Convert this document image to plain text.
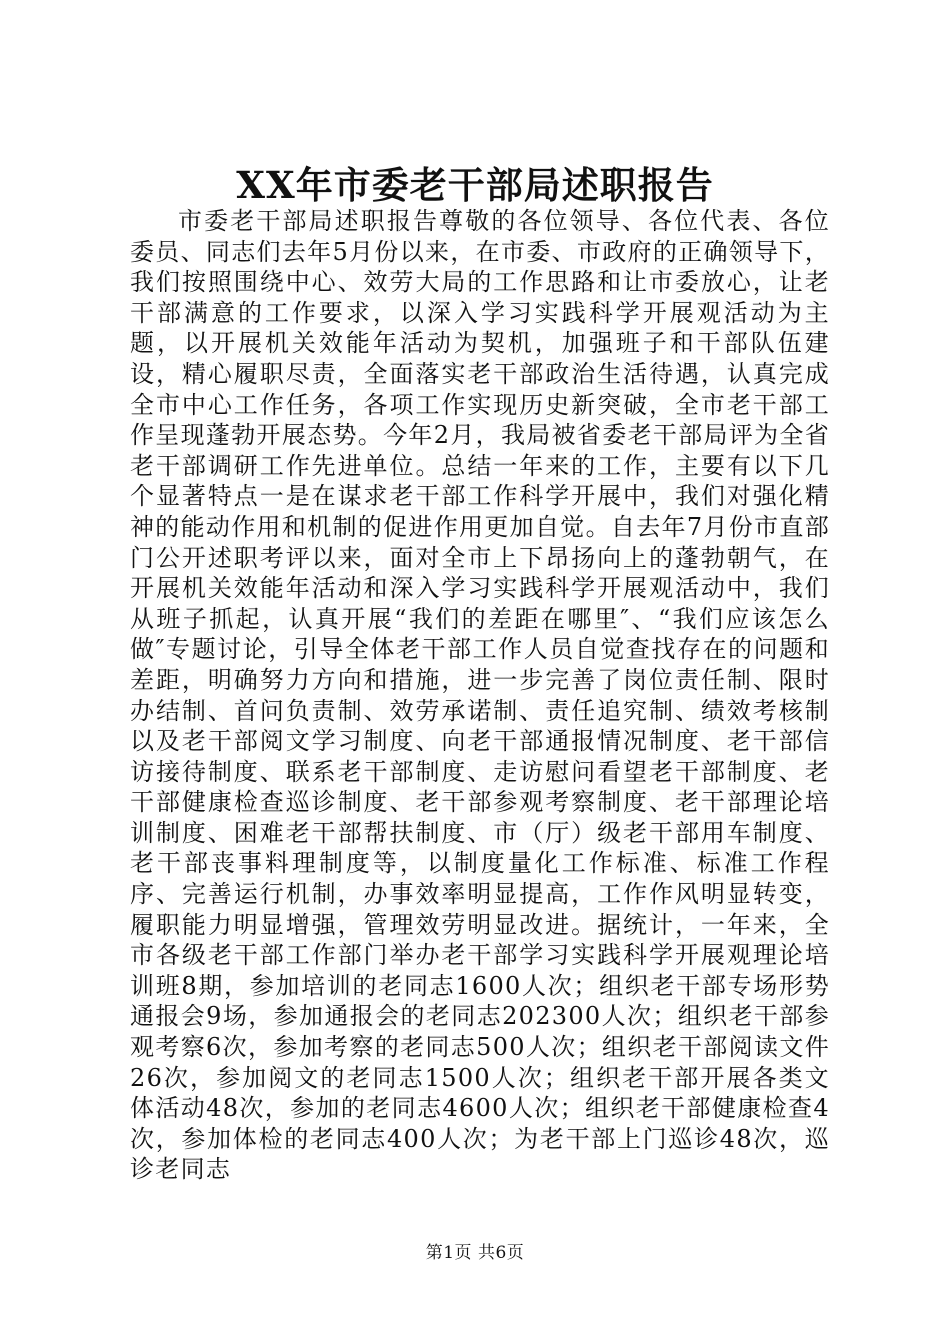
XX年市委老干部局述职报告

市委老干部局述职报告尊敬的各位领导、各位代表、各位委员、同志们去年5月份以来，在市委、市政府的正确领导下，我们按照围绕中心、效劳大局的工作思路和让市委放心，让老干部满意的工作要求，以深入学习实践科学开展观活动为主题，以开展机关效能年活动为契机，加强班子和干部队伍建设，精心履职尽责，全面落实老干部政治生活待遇，认真完成全市中心工作任务，各项工作实现历史新突破，全市老干部工作呈现蓬勃开展态势。今年2月，我局被省委老干部局评为全省老干部调研工作先进单位。总结一年来的工作，主要有以下几个显著特点一是在谋求老干部工作科学开展中，我们对强化精神的能动作用和机制的促进作用更加自觉。自去年7月份市直部门公开述职考评以来，面对全市上下昂扬向上的蓬勃朝气，在开展机关效能年活动和深入学习实践科学开展观活动中，我们从班子抓起，认真开展“我们的差距在哪里″、“我们应该怎么做″专题讨论，引导全体老干部工作人员自觉查找存在的问题和差距，明确努力方向和措施，进一步完善了岗位责任制、限时办结制、首问负责制、效劳承诺制、责任追究制、绩效考核制以及老干部阅文学习制度、向老干部通报情况制度、老干部信访接待制度、联系老干部制度、走访慰问看望老干部制度、老干部健康检查巡诊制度、老干部参观考察制度、老干部理论培训制度、困难老干部帮扶制度、市（厅）级老干部用车制度、老干部丧事料理制度等，以制度量化工作标准、标准工作程序、完善运行机制，办事效率明显提高，工作作风明显转变，履职能力明显增强，管理效劳明显改进。据统计，一年来，全市各级老干部工作部门举办老干部学习实践科学开展观理论培训班8期，参加培训的老同志1600人次；组织老干部专场形势通报会9场，参加通报会的老同志202300人次；组织老干部参观考察6次，参加考察的老同志500人次；组织老干部阅读文件26次，参加阅文的老同志1500人次；组织老干部开展各类文体活动48次，参加的老同志4600人次；组织老干部健康检查4次，参加体检的老同志400人次；为老干部上门巡诊48次，巡诊老同志

第1页 共6页
